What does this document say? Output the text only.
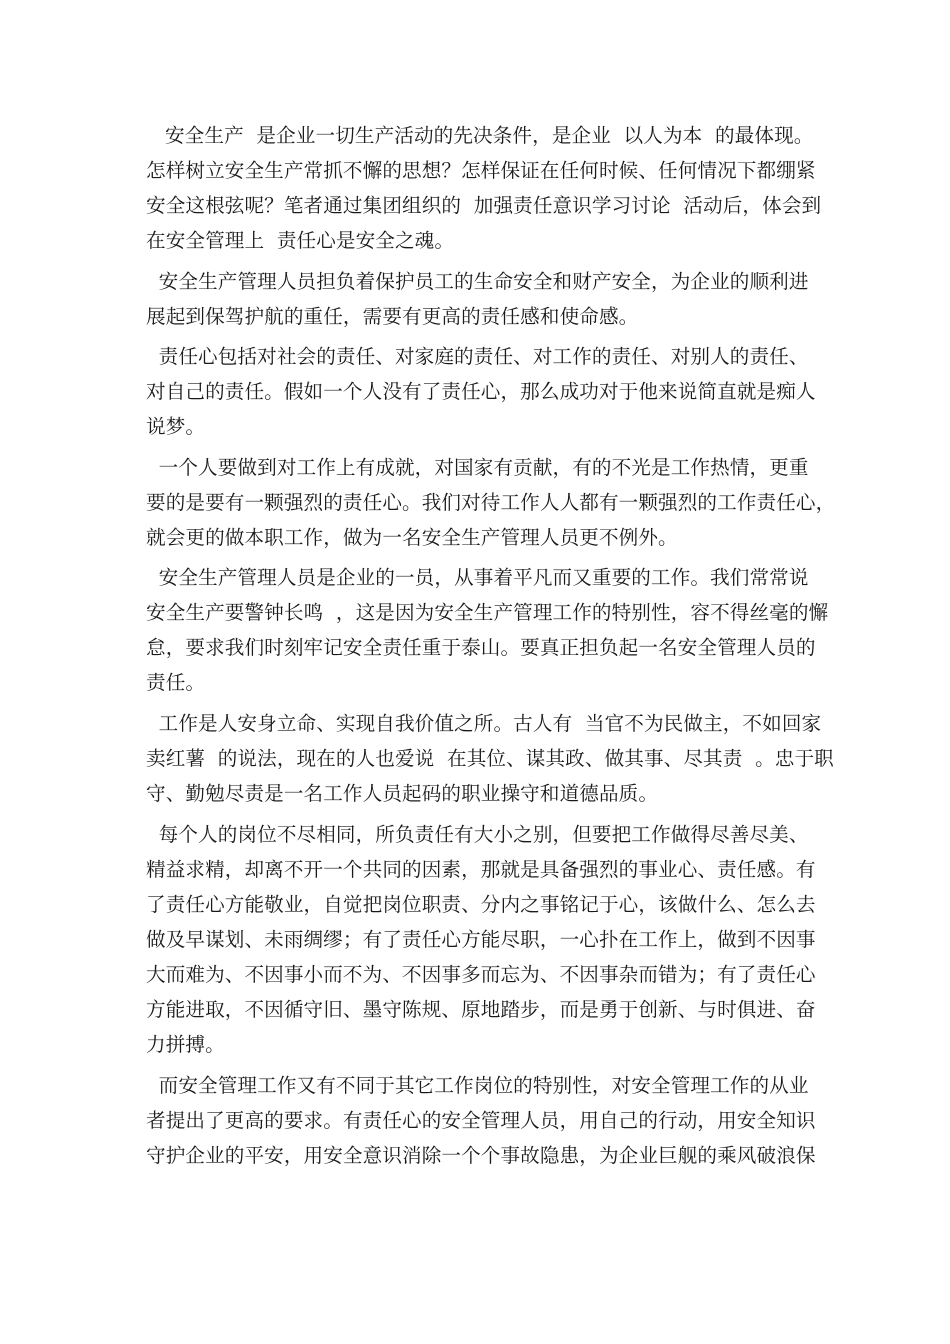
安全生产  是企业一切生产活动的先决条件，是企业  以人为本  的最体现。
怎样树立安全生产常抓不懈的思想？怎样保证在任何时候、任何情况下都绷紧
安全这根弦呢？笔者通过集团组织的  加强责任意识学习讨论  活动后，体会到
在安全管理上  责任心是安全之魂。
安全生产管理人员担负着保护员工的生命安全和财产安全，为企业的顺利进
展起到保驾护航的重任，需要有更高的责任感和使命感。
责任心包括对社会的责任、对家庭的责任、对工作的责任、对别人的责任、
对自己的责任。假如一个人没有了责任心，那么成功对于他来说简直就是痴人
说梦。
一个人要做到对工作上有成就，对国家有贡献，有的不光是工作热情，更重
要的是要有一颗强烈的责任心。我们对待工作人人都有一颗强烈的工作责任心，
就会更的做本职工作，做为一名安全生产管理人员更不例外。
安全生产管理人员是企业的一员，从事着平凡而又重要的工作。我们常常说
安全生产要警钟长鸣  ，这是因为安全生产管理工作的特别性，容不得丝毫的懈
怠，要求我们时刻牢记安全责任重于泰山。要真正担负起一名安全管理人员的
责任。
工作是人安身立命、实现自我价值之所。古人有  当官不为民做主，不如回家
卖红薯  的说法，现在的人也爱说  在其位、谋其政、做其事、尽其责  。忠于职
守、勤勉尽责是一名工作人员起码的职业操守和道德品质。
每个人的岗位不尽相同，所负责任有大小之别，但要把工作做得尽善尽美、
精益求精，却离不开一个共同的因素，那就是具备强烈的事业心、责任感。有
了责任心方能敬业，自觉把岗位职责、分内之事铭记于心，该做什么、怎么去
做及早谋划、未雨绸缪；有了责任心方能尽职，一心扑在工作上，做到不因事
大而难为、不因事小而不为、不因事多而忘为、不因事杂而错为；有了责任心
方能进取，不因循守旧、墨守陈规、原地踏步，而是勇于创新、与时俱进、奋
力拼搏。
而安全管理工作又有不同于其它工作岗位的特别性，对安全管理工作的从业
者提出了更高的要求。有责任心的安全管理人员，用自己的行动，用安全知识
守护企业的平安，用安全意识消除一个个事故隐患，为企业巨舰的乘风破浪保
